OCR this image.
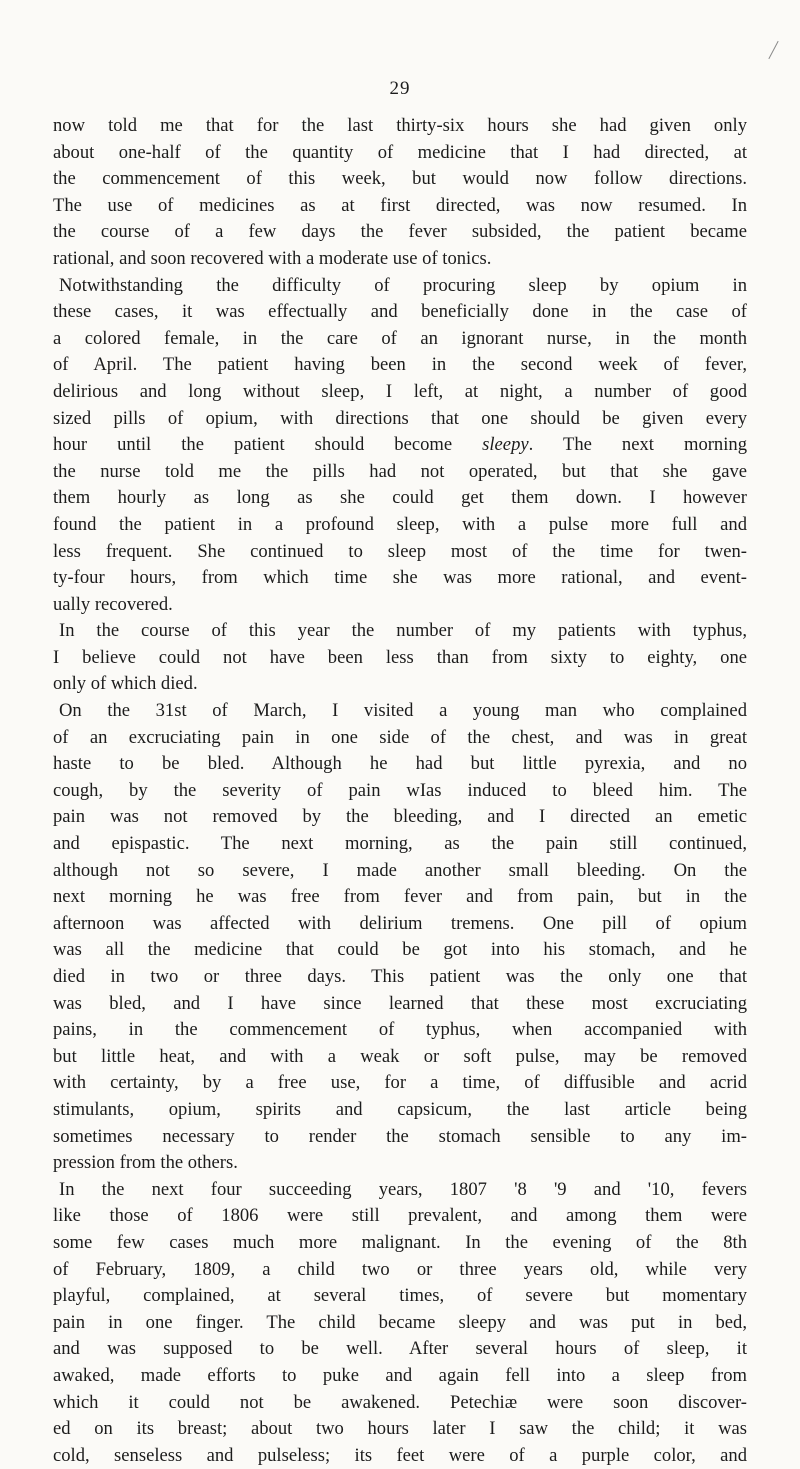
29
now told me that for the last thirty-six hours she had given only
about one-half of the quantity of medicine that I had directed, at
the commencement of this week, but would now follow directions.
The use of medicines as at first directed, was now resumed. In
the course of a few days the fever subsided, the patient became
rational, and soon recovered with a moderate use of tonics.
Notwithstanding the difficulty of procuring sleep by opium in
these cases, it was effectually and beneficially done in the case of
a colored female, in the care of an ignorant nurse, in the month
of April. The patient having been in the second week of fever,
delirious and long without sleep, I left, at night, a number of good
sized pills of opium, with directions that one should be given every
hour until the patient should become sleepy. The next morning
the nurse told me the pills had not operated, but that she gave
them hourly as long as she could get them down. I however
found the patient in a profound sleep, with a pulse more full and
less frequent. She continued to sleep most of the time for twen-
ty-four hours, from which time she was more rational, and event-
ually recovered.
In the course of this year the number of my patients with typhus,
I believe could not have been less than from sixty to eighty, one
only of which died.
On the 31st of March, I visited a young man who complained
of an excruciating pain in one side of the chest, and was in great
haste to be bled. Although he had but little pyrexia, and no
cough, by the severity of pain wIas induced to bleed him. The
pain was not removed by the bleeding, and I directed an emetic
and epispastic. The next morning, as the pain still continued,
although not so severe, I made another small bleeding. On the
next morning he was free from fever and from pain, but in the
afternoon was affected with delirium tremens. One pill of opium
was all the medicine that could be got into his stomach, and he
died in two or three days. This patient was the only one that
was bled, and I have since learned that these most excruciating
pains, in the commencement of typhus, when accompanied with
but little heat, and with a weak or soft pulse, may be removed
with certainty, by a free use, for a time, of diffusible and acrid
stimulants, opium, spirits and capsicum, the last article being
sometimes necessary to render the stomach sensible to any im-
pression from the others.
In the next four succeeding years, 1807 '8 '9 and '10, fevers
like those of 1806 were still prevalent, and among them were
some few cases much more malignant. In the evening of the 8th
of February, 1809, a child two or three years old, while very
playful, complained, at several times, of severe but momentary
pain in one finger. The child became sleepy and was put in bed,
and was supposed to be well. After several hours of sleep, it
awaked, made efforts to puke and again fell into a sleep from
which it could not be awakened. Petechiæ were soon discover-
ed on its breast; about two hours later I saw the child; it was
cold, senseless and pulseless; its feet were of a purple color, and
